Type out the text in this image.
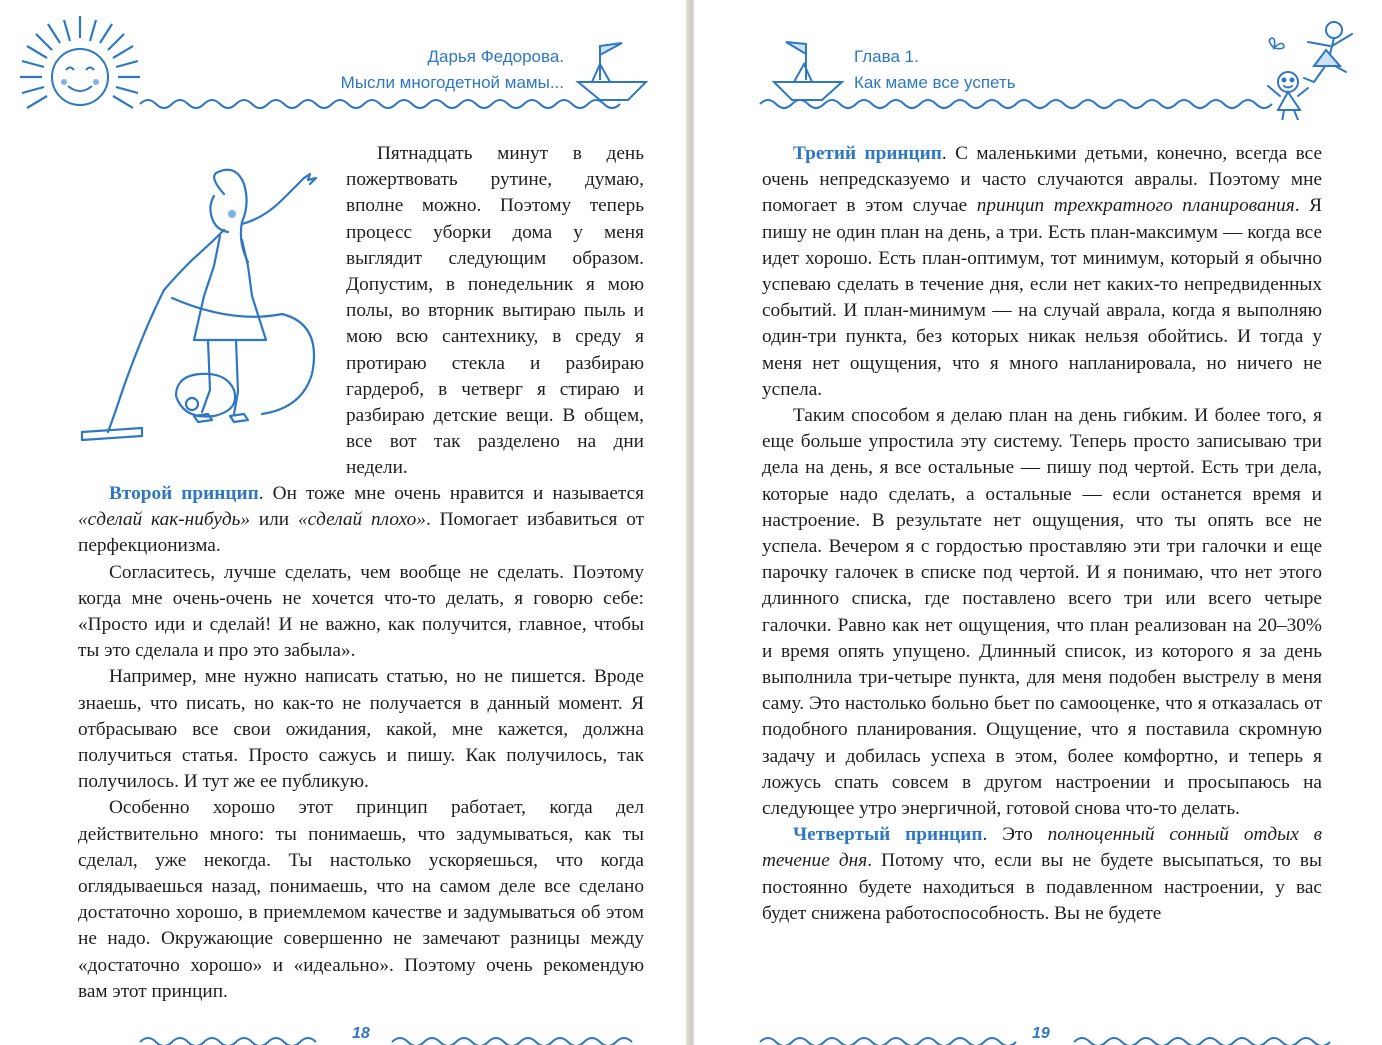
Дарья Федорова.
Мысли многодетной мамы...

Пятнадцать минут в день пожертвовать рутине, думаю, вполне можно. Поэтому теперь процесс уборки дома у меня выглядит следующим образом. Допустим, в понедельник я мою полы, во вторник вытираю пыль и мою всю сантехнику, в среду я протираю стекла и разбираю гардероб, в четверг я стираю и разбираю детские вещи. В общем, все вот так разделено на дни недели.

Второй принцип. Он тоже мне очень нравится и называется «сделай как-нибудь» или «сделай плохо». Помогает избавиться от перфекционизма.

Согласитесь, лучше сделать, чем вообще не сделать. Поэтому когда мне очень-очень не хочется что-то делать, я говорю себе: «Просто иди и сделай! И не важно, как получится, главное, чтобы ты это сделала и про это забыла».

Например, мне нужно написать статью, но не пишется. Вроде знаешь, что писать, но как-то не получается в данный момент. Я отбрасываю все свои ожидания, какой, мне кажется, должна получиться статья. Просто сажусь и пишу. Как получилось, так получилось. И тут же ее публикую.

Особенно хорошо этот принцип работает, когда дел действительно много: ты понимаешь, что задумываться, как ты сделал, уже некогда. Ты настолько ускоряешься, что когда оглядываешься назад, понимаешь, что на самом деле все сделано достаточно хорошо, в приемлемом качестве и задумываться об этом не надо. Окружающие совершенно не замечают разницы между «достаточно хорошо» и «идеально». Поэтому очень рекомендую вам этот принцип.

18
Глава 1.
Как маме все успеть

Третий принцип. С маленькими детьми, конечно, всегда все очень непредсказуемо и часто случаются авралы. Поэтому мне помогает в этом случае принцип трехкратного планирования. Я пишу не один план на день, а три. Есть план-максимум — когда все идет хорошо. Есть план-оптимум, тот минимум, который я обычно успеваю сделать в течение дня, если нет каких-то непредвиденных событий. И план-минимум — на случай аврала, когда я выполняю один-три пункта, без которых никак нельзя обойтись. И тогда у меня нет ощущения, что я много напланировала, но ничего не успела.

Таким способом я делаю план на день гибким. И более того, я еще больше упростила эту систему. Теперь просто записываю три дела на день, я все остальные — пишу под чертой. Есть три дела, которые надо сделать, а остальные — если останется время и настроение. В результате нет ощущения, что ты опять все не успела. Вечером я с гордостью проставляю эти три галочки и еще парочку галочек в списке под чертой. И я понимаю, что нет этого длинного списка, где поставлено всего три или всего четыре галочки. Равно как нет ощущения, что план реализован на 20–30% и время опять упущено. Длинный список, из которого я за день выполнила три-четыре пункта, для меня подобен выстрелу в меня саму. Это настолько больно бьет по самооценке, что я отказалась от подобного планирования. Ощущение, что я поставила скромную задачу и добилась успеха в этом, более комфортно, и теперь я ложусь спать совсем в другом настроении и просыпаюсь на следующее утро энергичной, готовой снова что-то делать.

Четвертый принцип. Это полноценный сонный отдых в течение дня. Потому что, если вы не будете высыпаться, то вы постоянно будете находиться в подавленном настроении, у вас будет снижена работоспособность. Вы не будете

19
